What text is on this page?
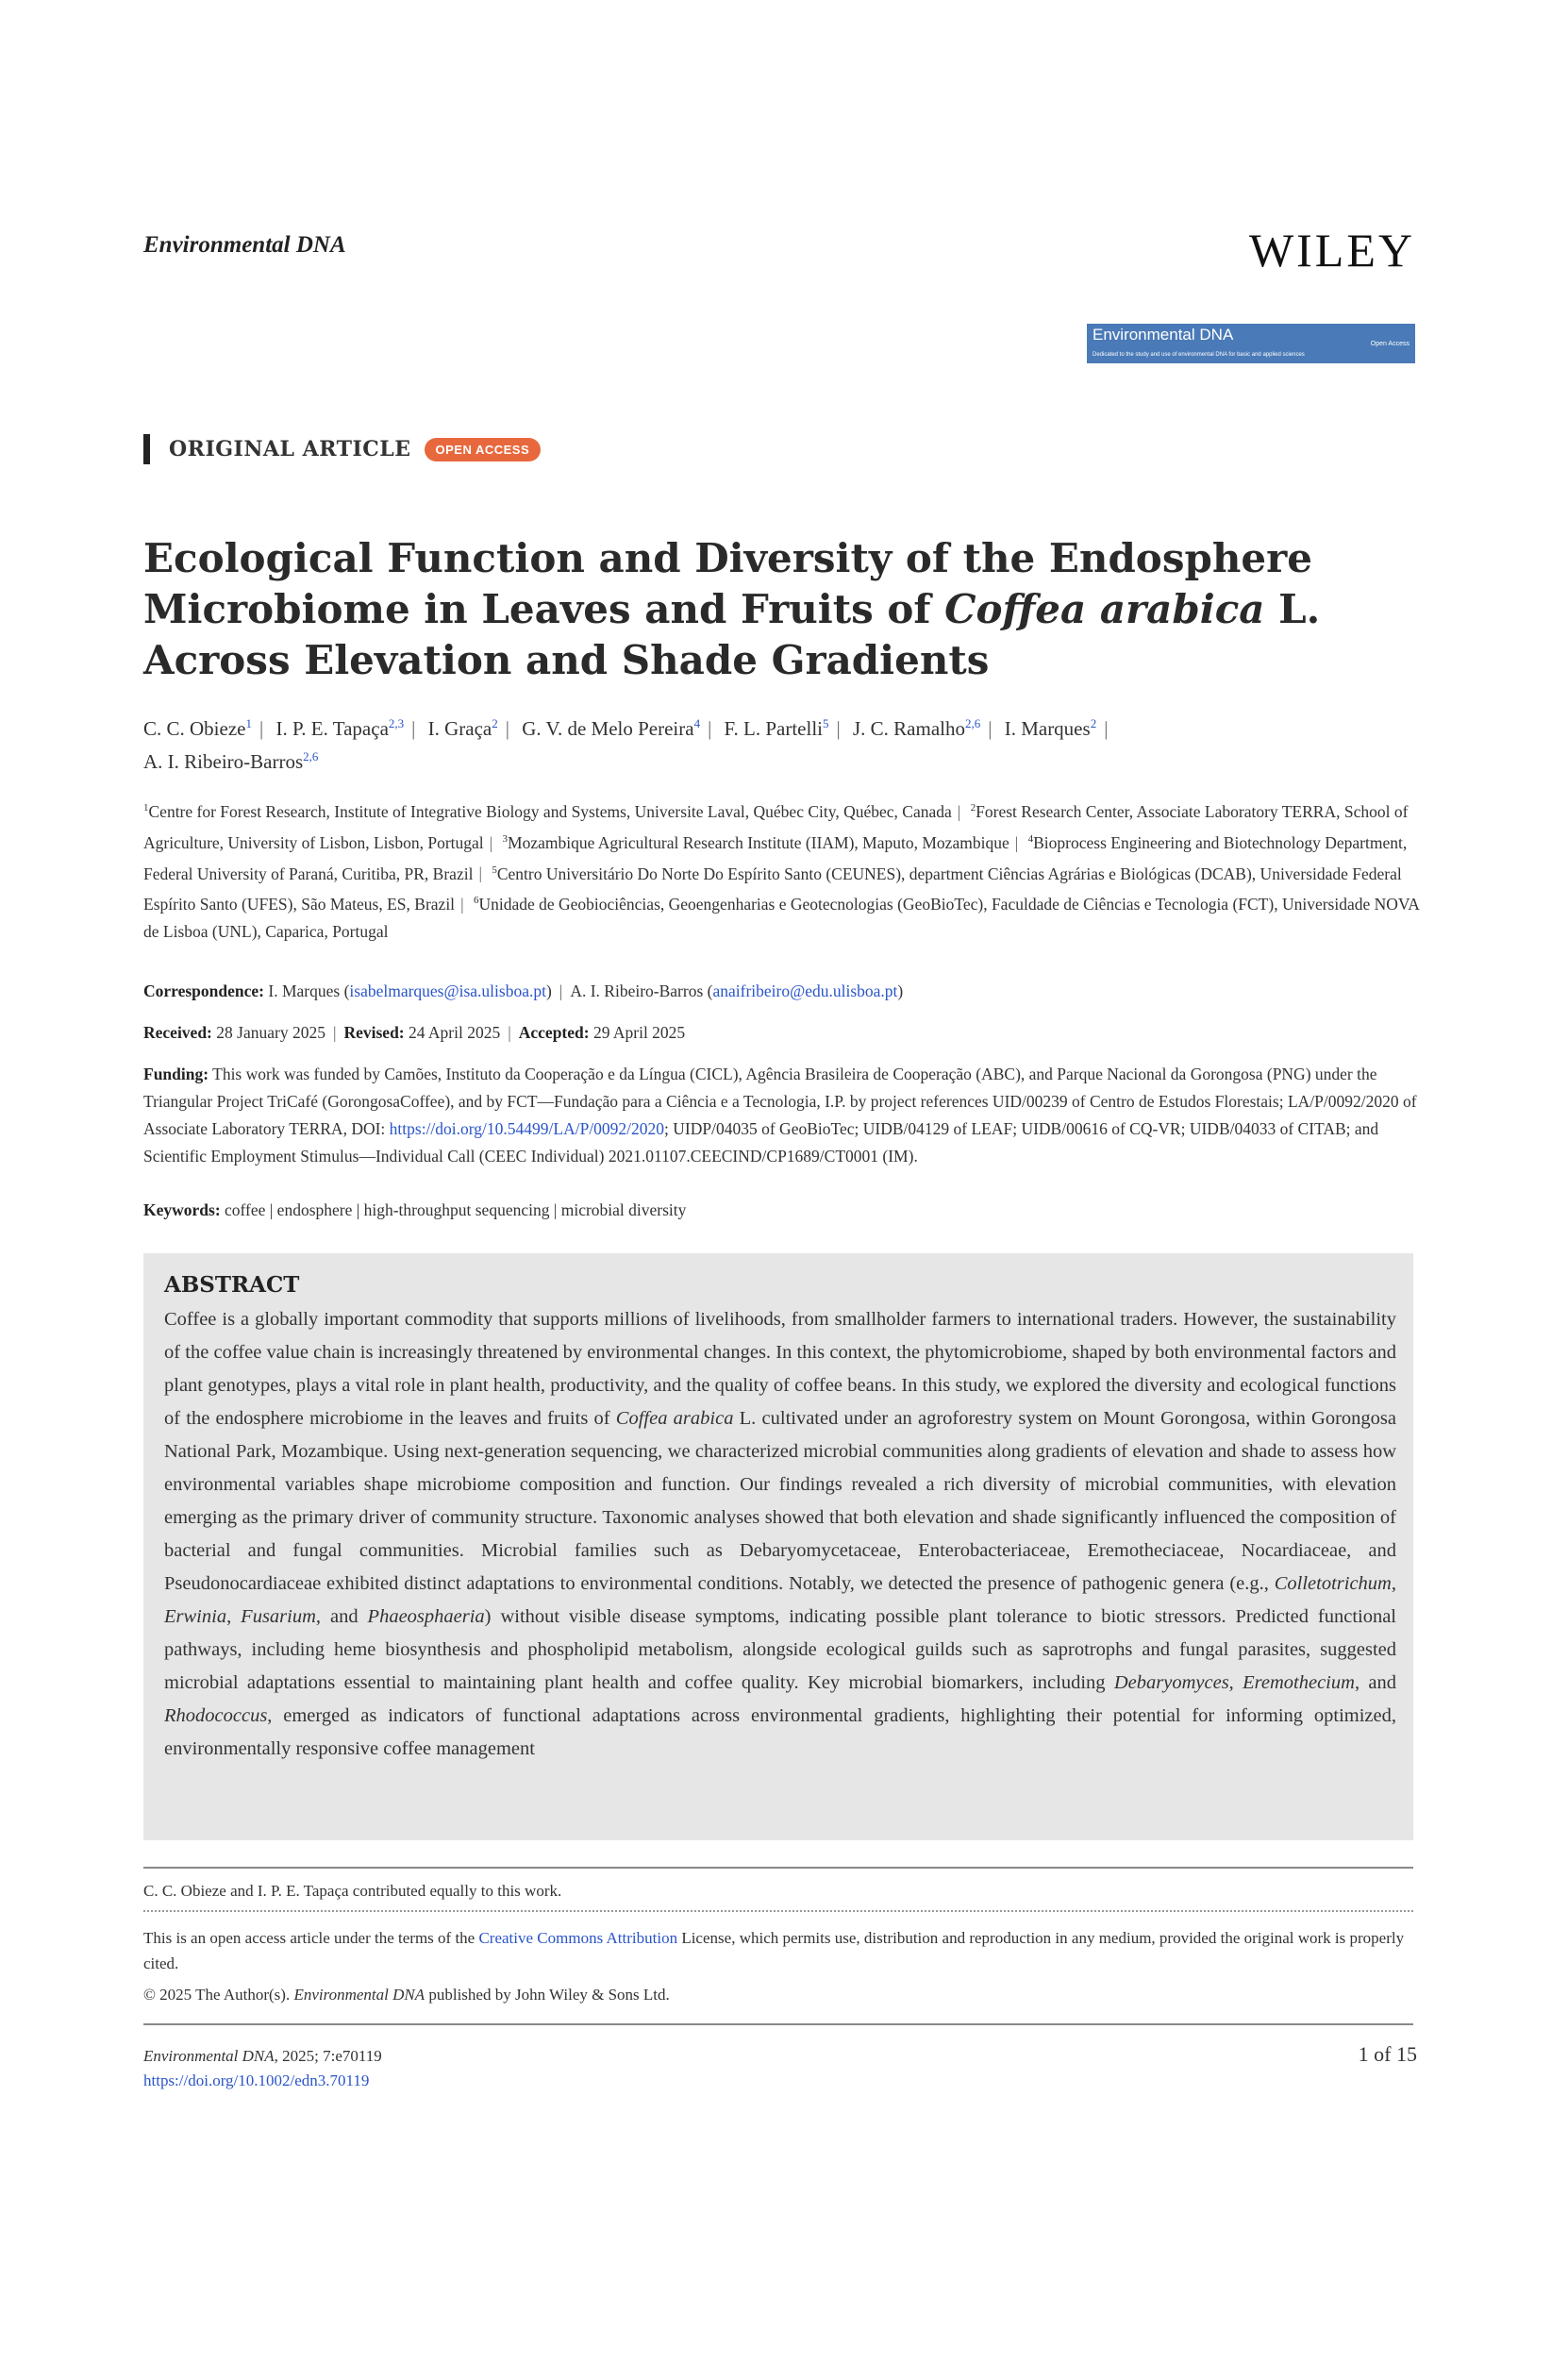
Environmental DNA	WILEY
Environmental DNA
Open Access
Dedicated to the study and use of environmental DNA for basic and applied sciences
ORIGINAL ARTICLE	OPEN ACCESS
Ecological Function and Diversity of the Endosphere Microbiome in Leaves and Fruits of Coffea arabica L. Across Elevation and Shade Gradients
C. C. Obieze$^1$ | I. P. E. Tapaça$^{2,3}$ | I. Graça$^2$ | G. V. de Melo Pereira$^4$ | F. L. Partelli$^5$ | J. C. Ramalho$^{2,6}$ | I. Marques$^2$ |
A. I. Ribeiro-Barros$^{2,6}$
$^1$Centre for Forest Research, Institute of Integrative Biology and Systems, Universite Laval, Québec City, Québec, Canada | $^2$Forest Research Center, Associate Laboratory TERRA, School of Agriculture, University of Lisbon, Lisbon, Portugal | $^3$Mozambique Agricultural Research Institute (IIAM), Maputo, Mozambique | $^4$Bioprocess Engineering and Biotechnology Department, Federal University of Paraná, Curitiba, PR, Brazil | $^5$Centro Universitário Do Norte Do Espírito Santo (CEUNES), department Ciências Agrárias e Biológicas (DCAB), Universidade Federal Espírito Santo (UFES), São Mateus, ES, Brazil | $^6$Unidade de Geobiociências, Geoengenharias e Geotecnologias (GeoBioTec), Faculdade de Ciências e Tecnologia (FCT), Universidade NOVA de Lisboa (UNL), Caparica, Portugal
Correspondence: I. Marques (isabelmarques@isa.ulisboa.pt) | A. I. Ribeiro-Barros (anaifribeiro@edu.ulisboa.pt)
Received: 28 January 2025 | Revised: 24 April 2025 | Accepted: 29 April 2025
Funding: This work was funded by Camões, Instituto da Cooperação e da Língua (CICL), Agência Brasileira de Cooperação (ABC), and Parque Nacional da Gorongosa (PNG) under the Triangular Project TriCafé (GorongosaCoffee), and by FCT—Fundação para a Ciência e a Tecnologia, I.P. by project references UID/00239 of Centro de Estudos Florestais; LA/P/0092/2020 of Associate Laboratory TERRA, DOI: https://doi.org/10.54499/LA/P/0092/2020; UIDP/04035 of GeoBioTec; UIDB/04129 of LEAF; UIDB/00616 of CQ-VR; UIDB/04033 of CITAB; and Scientific Employment Stimulus—Individual Call (CEEC Individual) 2021.01107.CEECIND/CP1689/CT0001 (IM).
Keywords: coffee | endosphere | high-throughput sequencing | microbial diversity
ABSTRACT
Coffee is a globally important commodity that supports millions of livelihoods, from smallholder farmers to international traders. However, the sustainability of the coffee value chain is increasingly threatened by environmental changes. In this context, the phytomicrobiome, shaped by both environmental factors and plant genotypes, plays a vital role in plant health, productivity, and the quality of coffee beans. In this study, we explored the diversity and ecological functions of the endosphere microbiome in the leaves and fruits of Coffea arabica L. cultivated under an agroforestry system on Mount Gorongosa, within Gorongosa National Park, Mozambique. Using next-generation sequencing, we characterized microbial communities along gradients of elevation and shade to assess how environmental variables shape microbiome composition and function. Our findings revealed a rich diversity of microbial communities, with elevation emerging as the primary driver of community structure. Taxonomic analyses showed that both elevation and shade significantly influenced the composition of bacterial and fungal communities. Microbial families such as Debaryomycetaceae, Enterobacteriaceae, Eremotheciaceae, Nocardiaceae, and Pseudonocardiaceae exhibited distinct adaptations to environmental conditions. Notably, we detected the presence of pathogenic genera (e.g., Colletotrichum, Erwinia, Fusarium, and Phaeosphaeria) without visible disease symptoms, indicating possible plant tolerance to biotic stressors. Predicted functional pathways, including heme biosynthesis and phospholipid metabolism, alongside ecological guilds such as saprotrophs and fungal parasites, suggested microbial adaptations essential to maintaining plant health and coffee quality. Key microbial biomarkers, including Debaryomyces, Eremothecium, and Rhodococcus, emerged as indicators of functional adaptations across environmental gradients, highlighting their potential for informing optimized, environmentally responsive coffee management
C. C. Obieze and I. P. E. Tapaça contributed equally to this work.
This is an open access article under the terms of the Creative Commons Attribution License, which permits use, distribution and reproduction in any medium, provided the original work is properly cited.
© 2025 The Author(s). Environmental DNA published by John Wiley & Sons Ltd.
Environmental DNA, 2025; 7:e70119
https://doi.org/10.1002/edn3.70119
1 of 15
